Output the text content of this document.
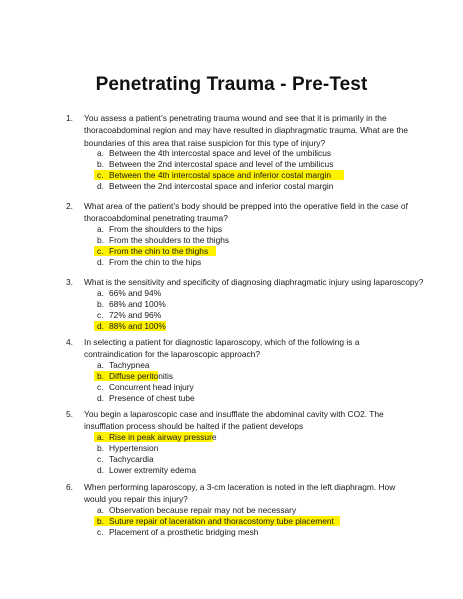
Penetrating Trauma - Pre-Test
1. You assess a patient’s penetrating trauma wound and see that it is primarily in the thoracoabdominal region and may have resulted in diaphragmatic trauma. What are the boundaries of this area that raise suspicion for this type of injury?

a. Between the 4th intercostal space and level of the umbilicus
b. Between the 2nd intercostal space and level of the umbilicus
c. Between the 4th intercostal space and inferior costal margin
d. Between the 2nd intercostal space and inferior costal margin
2. What area of the patient’s body should be prepped into the operative field in the case of thoracoabdominal penetrating trauma?

a. From the shoulders to the hips
b. From the shoulders to the thighs
c. From the chin to the thighs
d. From the chin to the hips
3. What is the sensitivity and specificity of diagnosing diaphragmatic injury using laparoscopy?

a. 66% and 94%
b. 68% and 100%
c. 72% and 96%
d. 88% and 100%
4. In selecting a patient for diagnostic laparoscopy, which of the following is a contraindication for the laparoscopic approach?

a. Tachypnea
b. Diffuse peritonitis
c. Concurrent head injury
d. Presence of chest tube
5. You begin a laparoscopic case and insufflate the abdominal cavity with CO2. The insufflation process should be halted if the patient develops

a. Rise in peak airway pressure
b. Hypertension
c. Tachycardia
d. Lower extremity edema
6. When performing laparoscopy, a 3-cm laceration is noted in the left diaphragm. How would you repair this injury?

a. Observation because repair may not be necessary
b. Suture repair of laceration and thoracostomy tube placement
c. Placement of a prosthetic bridging mesh
